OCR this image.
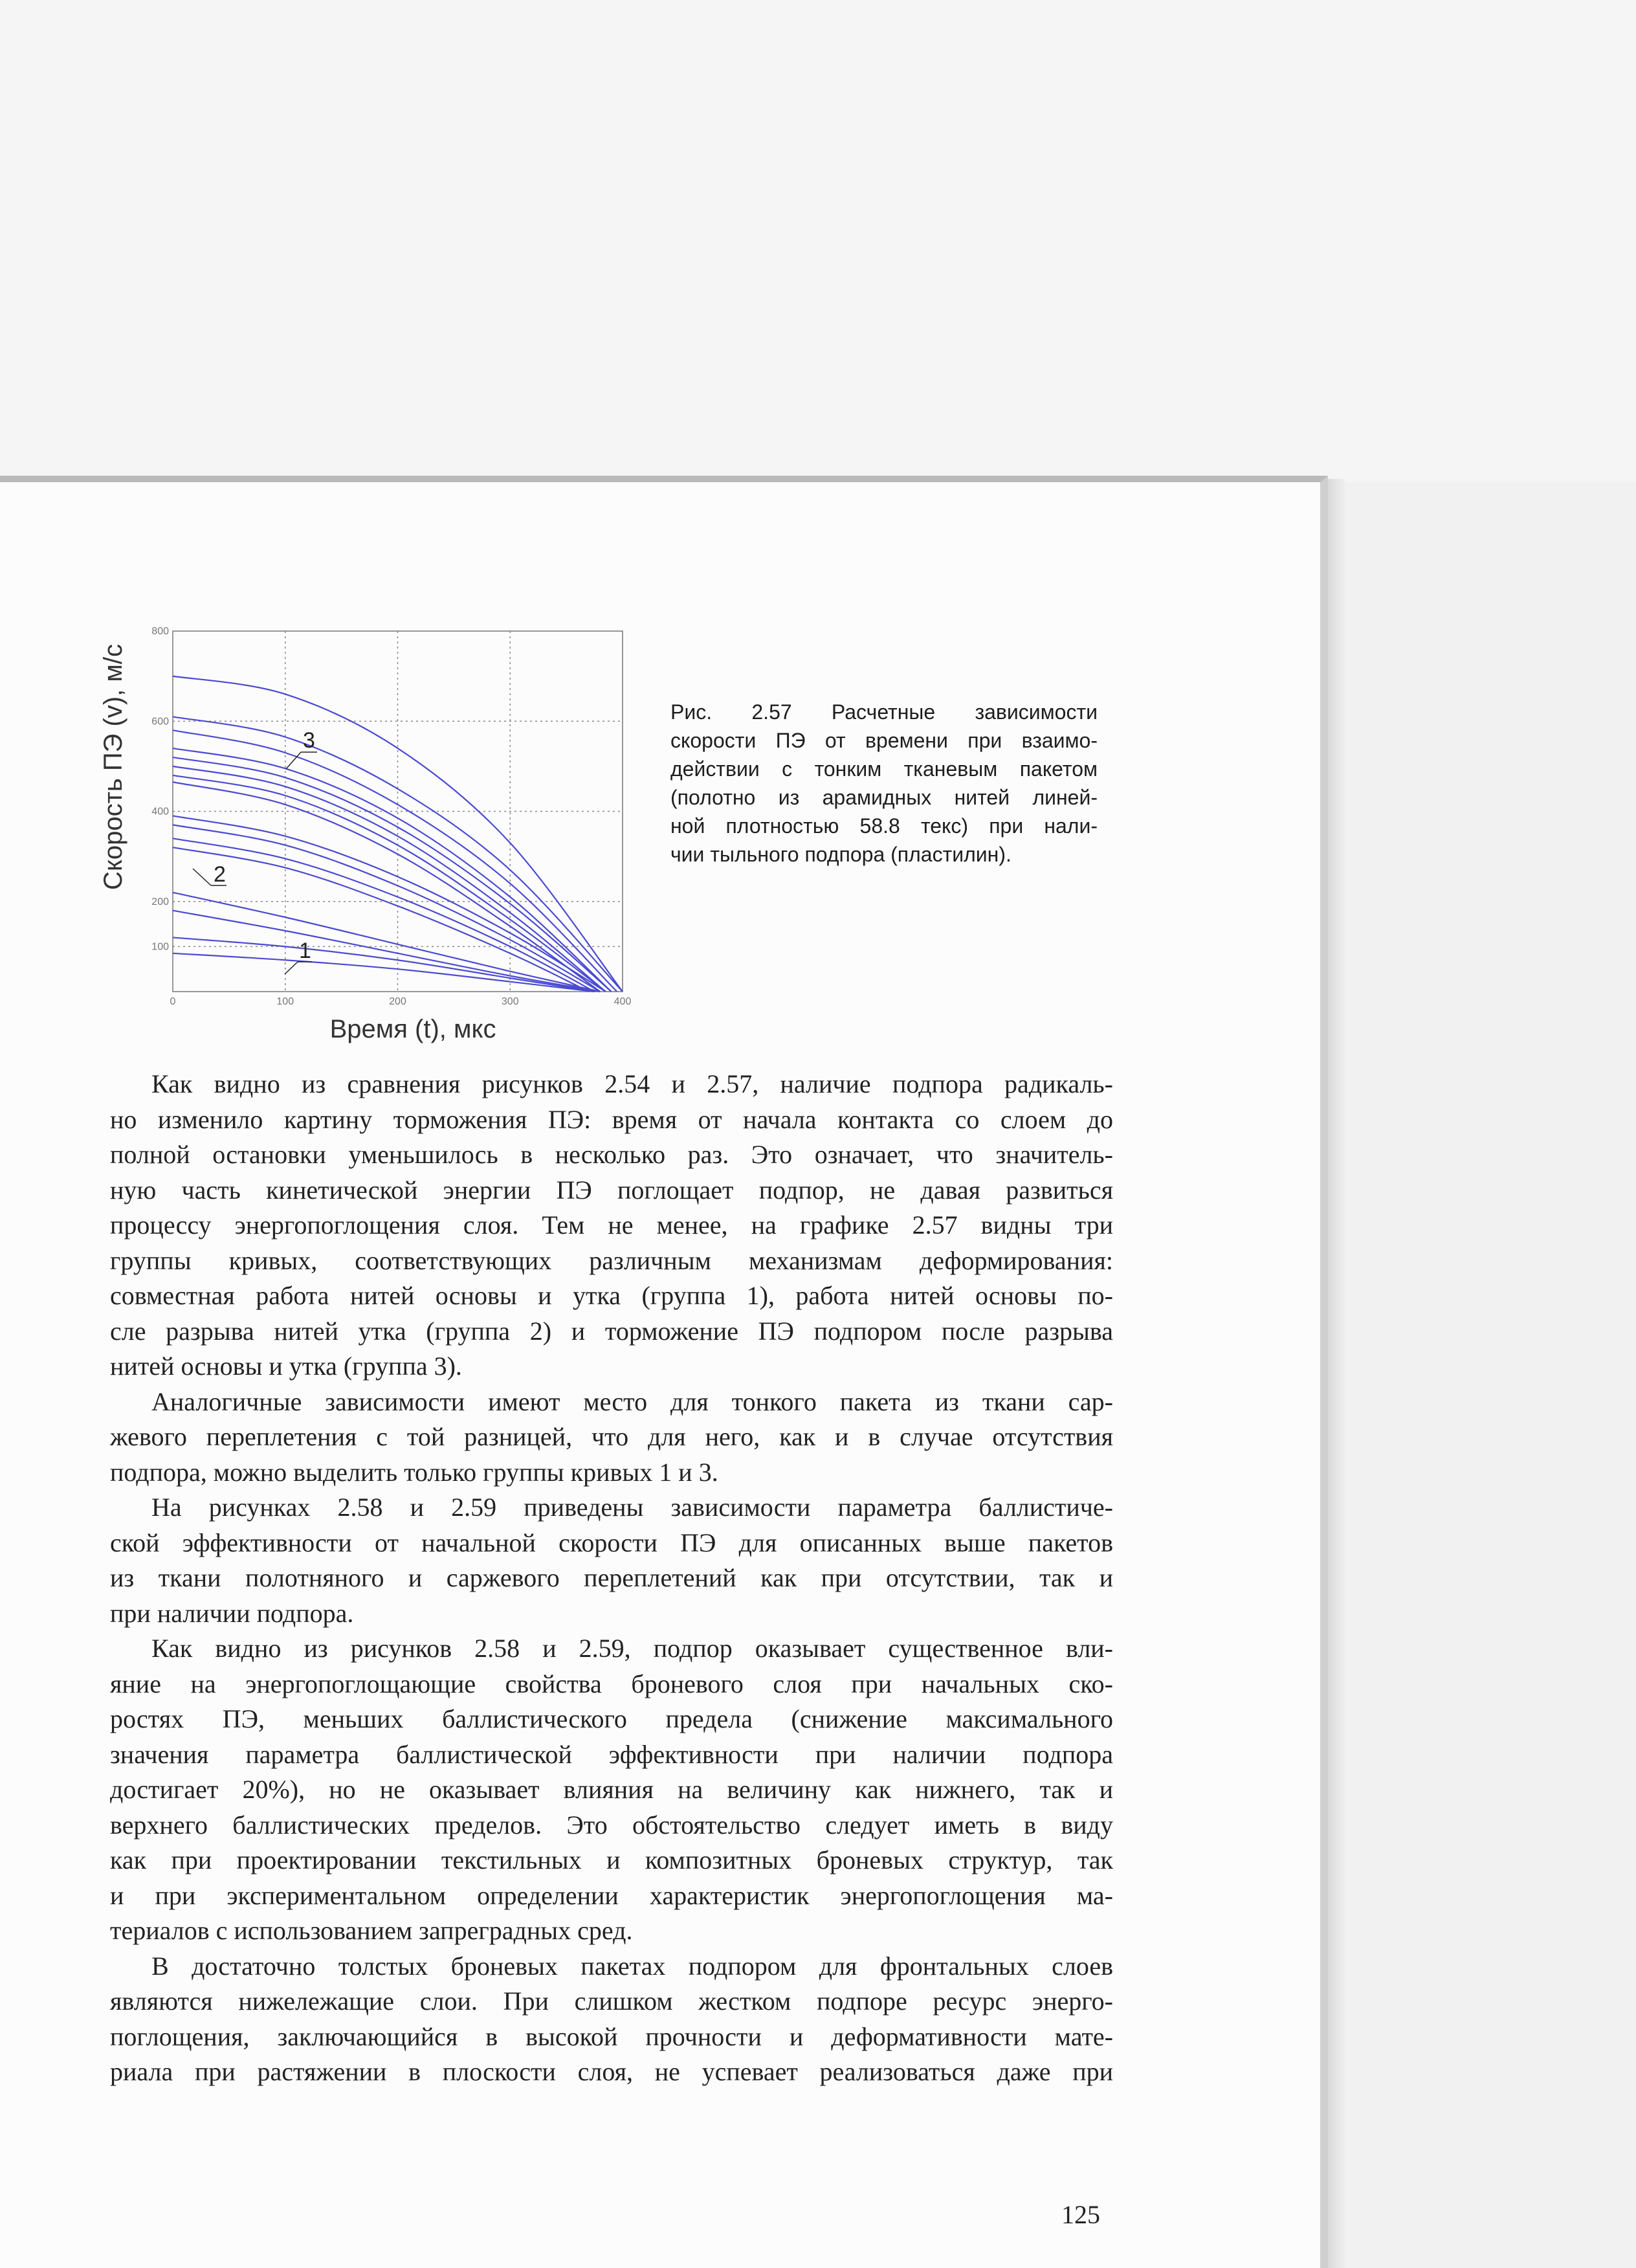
0	100	200	300	400
100
200
400
600
800
3
2
1
Скорость ПЭ (v), м/с
Время (t), мкс
Рис. 2.57 Расчетные зависимости
скорости ПЭ от времени при взаимо-
действии с тонким тканевым пакетом
(полотно из арамидных нитей линей-
ной плотностью 58.8 текс) при нали-
чии тыльного подпора (пластилин).

Как видно из сравнения рисунков 2.54 и 2.57, наличие подпора радикаль-
но изменило картину торможения ПЭ: время от начала контакта со слоем до
полной остановки уменьшилось в несколько раз. Это означает, что значитель-
ную часть кинетической энергии ПЭ поглощает подпор, не давая развиться
процессу энергопоглощения слоя. Тем не менее, на графике 2.57 видны три
группы кривых, соответствующих различным механизмам деформирования:
совместная работа нитей основы и утка (группа 1), работа нитей основы по-
сле разрыва нитей утка (группа 2) и торможение ПЭ подпором после разрыва
нитей основы и утка (группа 3).

Аналогичные зависимости имеют место для тонкого пакета из ткани сар-
жевого переплетения с той разницей, что для него, как и в случае отсутствия
подпора, можно выделить только группы кривых 1 и 3.

На рисунках 2.58 и 2.59 приведены зависимости параметра баллистиче-
ской эффективности от начальной скорости ПЭ для описанных выше пакетов
из ткани полотняного и саржевого переплетений как при отсутствии, так и
при наличии подпора.

Как видно из рисунков 2.58 и 2.59, подпор оказывает существенное вли-
яние на энергопоглощающие свойства броневого слоя при начальных ско-
ростях ПЭ, меньших баллистического предела (снижение максимального
значения параметра баллистической эффективности при наличии подпора
достигает 20%), но не оказывает влияния на величину как нижнего, так и
верхнего баллистических пределов. Это обстоятельство следует иметь в виду
как при проектировании текстильных и композитных броневых структур, так
и при экспериментальном определении характеристик энергопоглощения ма-
териалов с использованием запреградных сред.

В достаточно толстых броневых пакетах подпором для фронтальных слоев
являются нижележащие слои. При слишком жестком подпоре ресурс энерго-
поглощения, заключающийся в высокой прочности и деформативности мате-
риала при растяжении в плоскости слоя, не успевает реализоваться даже при

125
